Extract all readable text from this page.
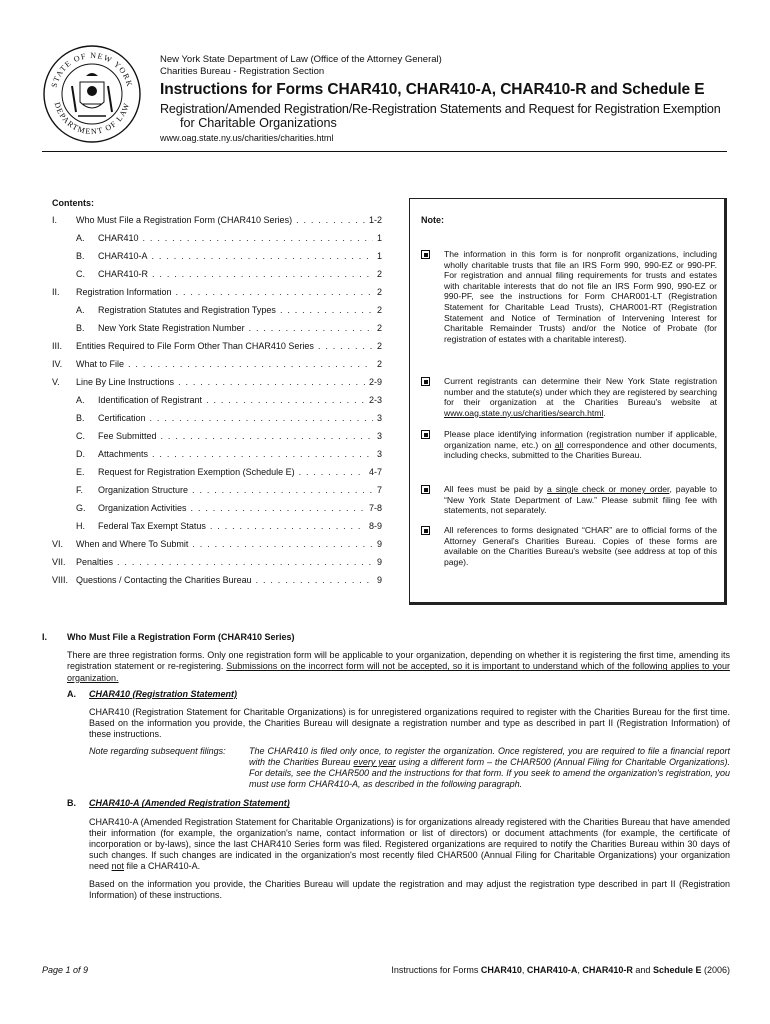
STATE OF NEW YORK
DEPARTMENT OF LAW
New York State Department of Law (Office of the Attorney General)
Charities Bureau - Registration Section
Instructions for Forms CHAR410, CHAR410-A, CHAR410-R and Schedule E
Registration/Amended Registration/Re-Registration Statements and Request for Registration Exemption
for Charitable Organizations
www.oag.state.ny.us/charities/charities.html
Contents:
I.	Who Must File a Registration Form (CHAR410 Series) . . .	1-2
A.	CHAR410 . . .	1
B.	CHAR410-A . . .	1
C.	CHAR410-R . . .	2
II.	Registration Information . . .	2
A.	Registration Statutes and Registration Types . . .	2
B.	New York State Registration Number . . .	2
III.	Entities Required to File Form Other Than CHAR410 Series . . .	2
IV.	What to File . . .	2
V.	Line By Line Instructions . . .	2-9
A.	Identification of Registrant . . .	2-3
B.	Certification . . .	3
C.	Fee Submitted . . .	3
D.	Attachments . . .	3
E.	Request for Registration Exemption (Schedule E) . . .	4-7
F.	Organization Structure . . .	7
G.	Organization Activities . . .	7-8
H.	Federal Tax Exempt Status . . .	8-9
VI.	When and Where To Submit . . .	9
VII.	Penalties . . .	9
VIII. Questions / Contacting the Charities Bureau . . .	9
Note:
The information in this form is for nonprofit organizations, including wholly charitable trusts that file an IRS Form 990, 990-EZ or 990-PF. For registration and annual filing requirements for trusts and estates with charitable interests that do not file an IRS Form 990, 990-EZ or 990-PF, see the instructions for Form CHAR001-LT (Registration Statement for Charitable Lead Trusts), CHAR001-RT (Registration Statement and Notice of Termination of Intervening Interest for Charitable Remainder Trusts) and/or the Notice of Probate (for registration of estates with a charitable interest).
Current registrants can determine their New York State registration number and the statute(s) under which they are registered by searching for their organization at the Charities Bureau's website at www.oag.state.ny.us/charities/search.html.
Please place identifying information (registration number if applicable, organization name, etc.) on all correspondence and other documents, including checks, submitted to the Charities Bureau.
All fees must be paid by a single check or money order, payable to “New York State Department of Law.” Please submit filing fee with statements, not separately.
All references to forms designated “CHAR” are to official forms of the Attorney General's Charities Bureau. Copies of these forms are available on the Charities Bureau's website (see address at top of this page).
I.	Who Must File a Registration Form (CHAR410 Series)
There are three registration forms. Only one registration form will be applicable to your organization, depending on whether it is registering the first time, amending its registration statement or re-registering. Submissions on the incorrect form will not be accepted, so it is important to understand which of the following applies to your organization.
A.	CHAR410 (Registration Statement)
CHAR410 (Registration Statement for Charitable Organizations) is for unregistered organizations required to register with the Charities Bureau for the first time. Based on the information you provide, the Charities Bureau will designate a registration number and type as described in part II (Registration Information) of these instructions.
Note regarding subsequent filings:	The CHAR410 is filed only once, to register the organization. Once registered, you are required to file a financial report with the Charities Bureau every year using a different form – the CHAR500 (Annual Filing for Charitable Organizations). For details, see the CHAR500 and the instructions for that form. If you seek to amend the organization's registration, you must use form CHAR410-A, as described in the following paragraph.
B.	CHAR410-A (Amended Registration Statement)
CHAR410-A (Amended Registration Statement for Charitable Organizations) is for organizations already registered with the Charities Bureau that have amended their information (for example, the organization's name, contact information or list of directors) or document attachments (for example, the certificate of incorporation or by-laws), since the last CHAR410 Series form was filed. Registered organizations are required to notify the Charities Bureau within 30 days of such changes. If such changes are indicated in the organization's most recently filed CHAR500 (Annual Filing for Charitable Organizations) your organization need not file a CHAR410-A.
Based on the information you provide, the Charities Bureau will update the registration and may adjust the registration type described in part II (Registration Information) of these instructions.
Page 1 of 9	Instructions for Forms CHAR410, CHAR410-A, CHAR410-R and Schedule E (2006)
